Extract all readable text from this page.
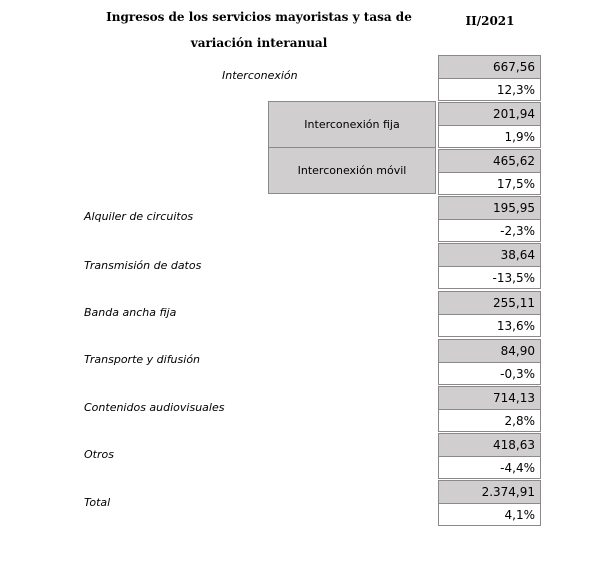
Ingresos de los servicios mayoristas y tasa de variación interanual
II/2021
Interconexión
Interconexión fija
Interconexión móvil
Alquiler de circuitos
Transmisión de datos
Banda ancha fija
Transporte y difusión
Contenidos audiovisuales
Otros
Total
667,56
12,3%
201,94
1,9%
465,62
17,5%
195,95
-2,3%
38,64
-13,5%
255,11
13,6%
84,90
-0,3%
714,13
2,8%
418,63
-4,4%
2.374,91
4,1%
